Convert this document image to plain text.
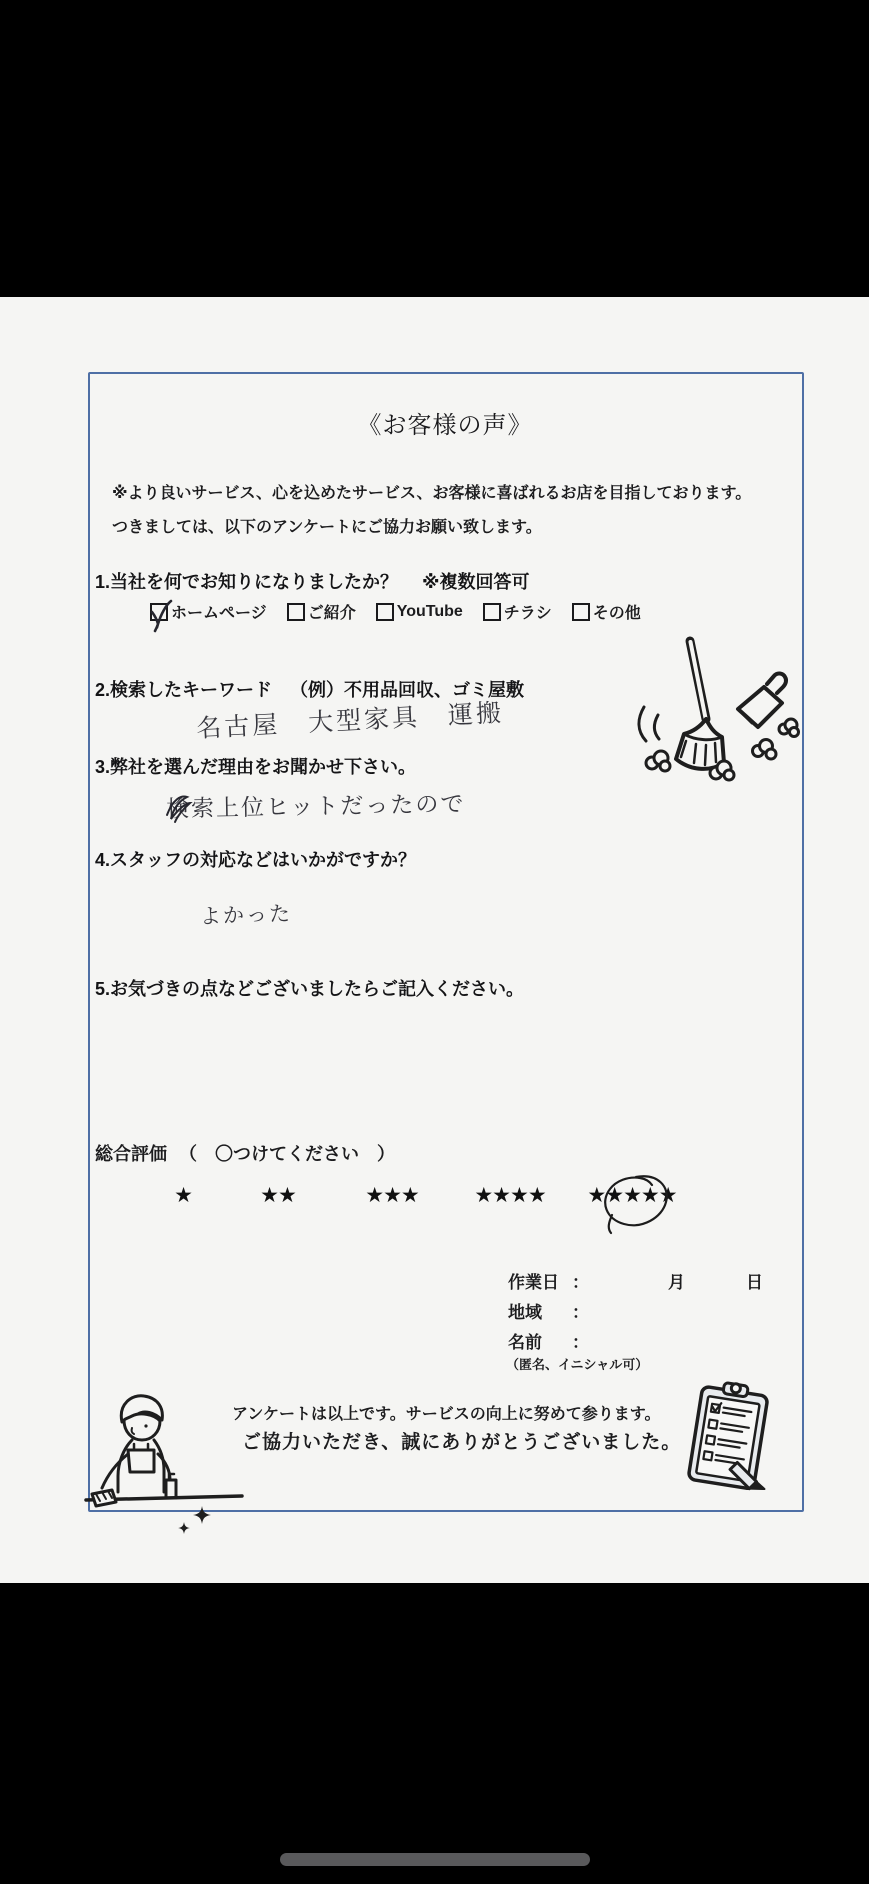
《お客様の声》
※より良いサービス、心を込めたサービス、お客様に喜ばれるお店を目指しております。
つきましては、以下のアンケートにご協力お願い致します。
1.当社を何でお知りになりましたか？ ※複数回答可
ホームページ	ご紹介	YouTube	チラシ	その他
2.検索したキーワード （例）不用品回収、ゴミ屋敷
名古屋　大型家具　運搬
3.弊社を選んだ理由をお聞かせ下さい。
検索上位ヒットだったので
4.スタッフの対応などはいかがですか？
よかった
5.お気づきの点などございましたらご記入ください。
総合評価 （　〇つけてください　）
★	★★	★★★	★★★★ ★★★★★
作業日 ：	月	日
地域 ：
名前 ：
（匿名、イニシャル可）
アンケートは以上です。サービスの向上に努めて参ります。
ご協力いただき、誠にありがとうございました。
